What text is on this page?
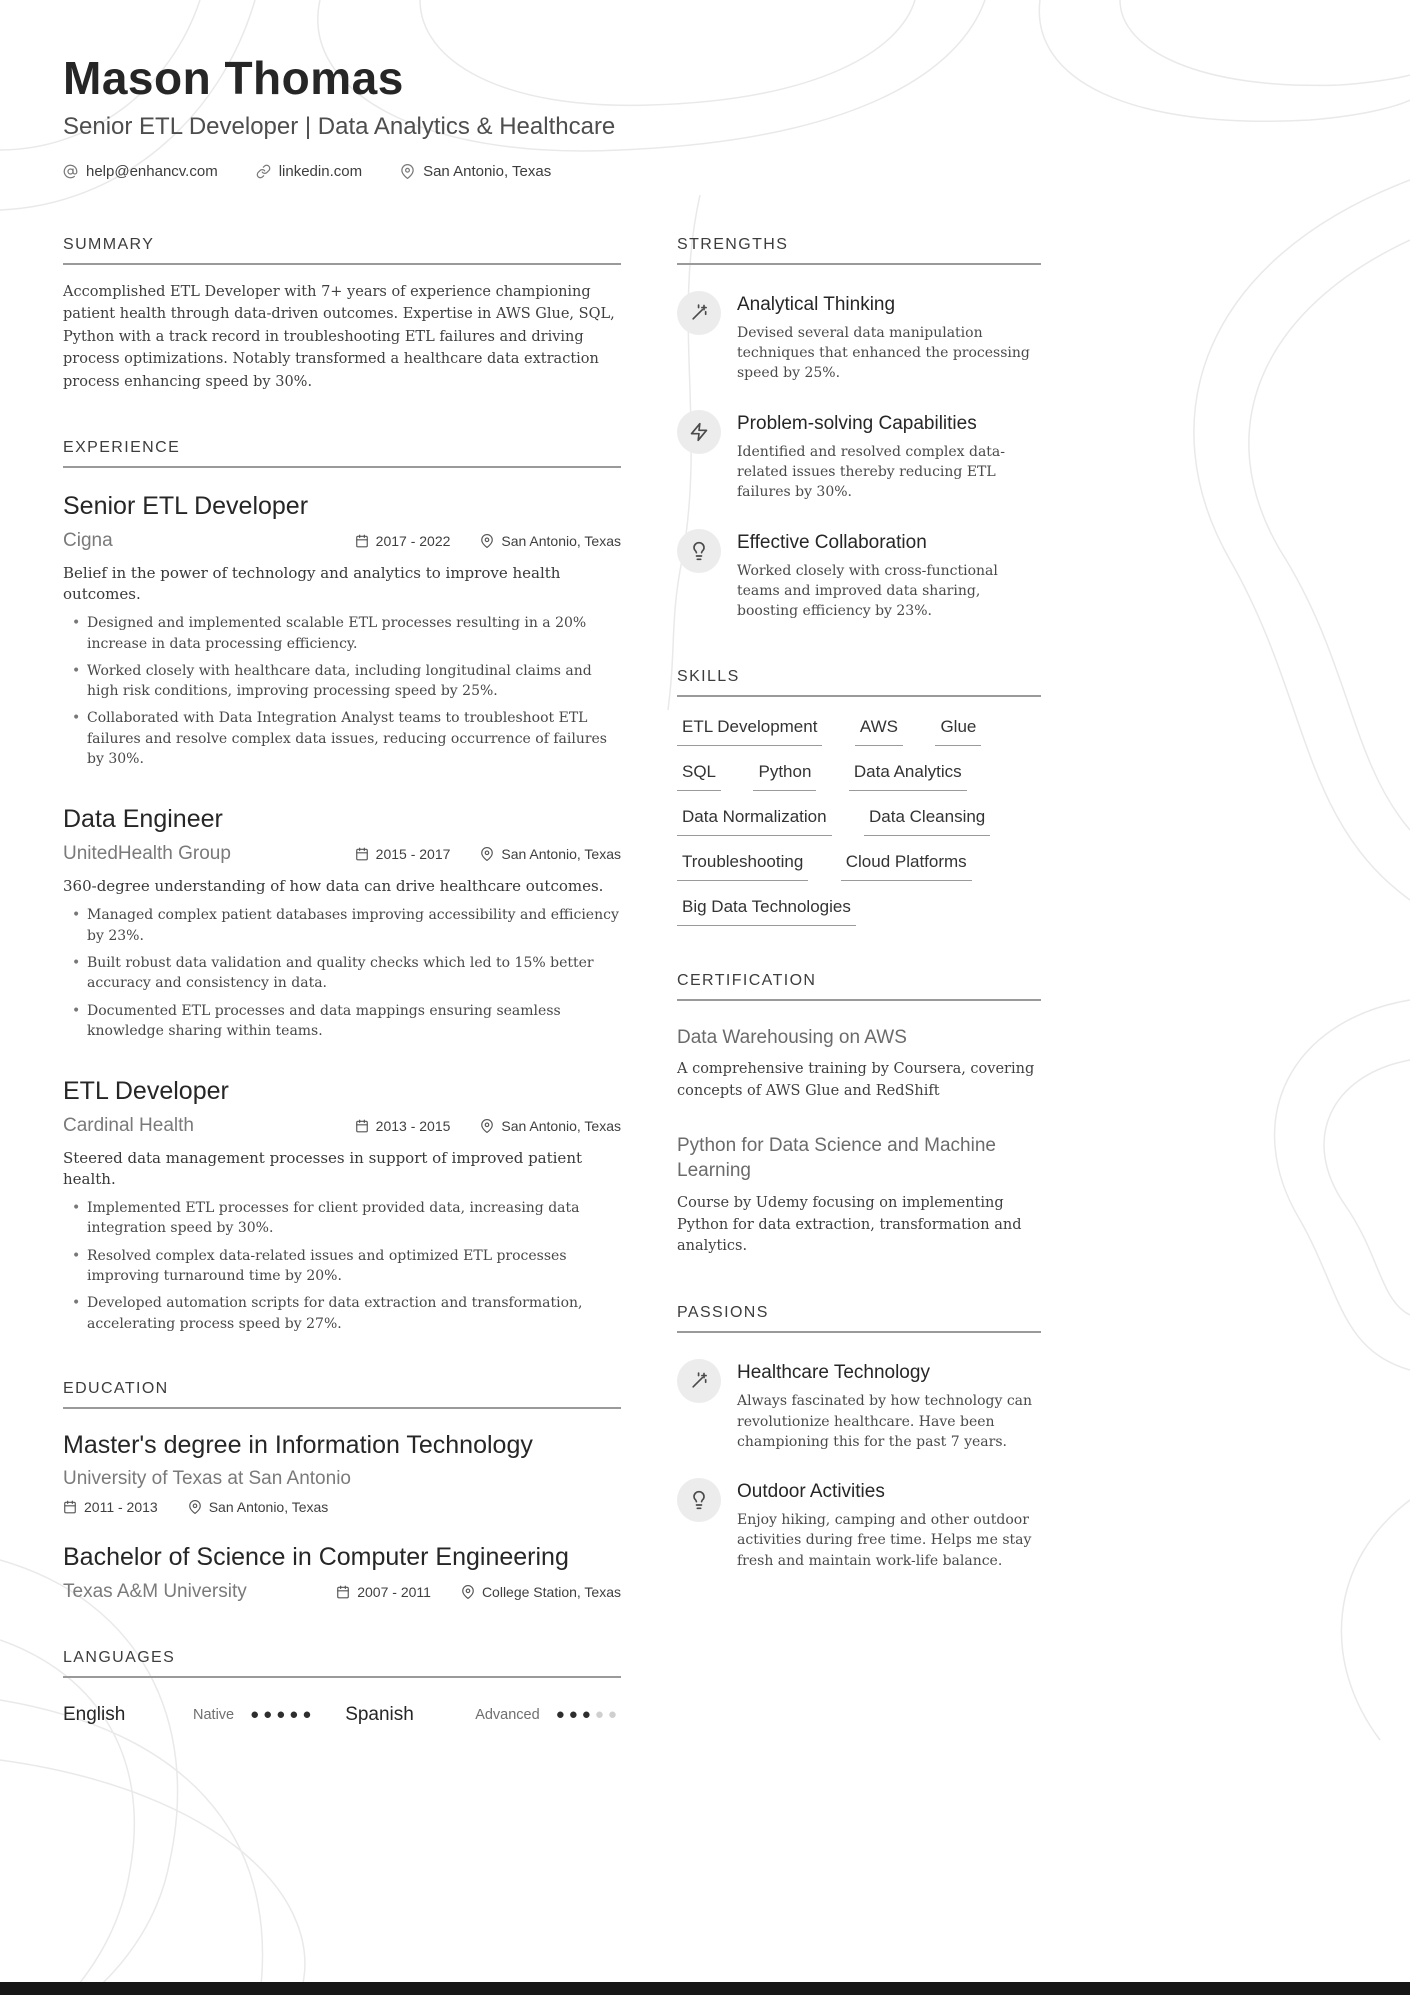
Mason Thomas
Senior ETL Developer | Data Analytics & Healthcare
help@enhancv.com	linkedin.com	San Antonio, Texas
SUMMARY

Accomplished ETL Developer with 7+ years of experience championing patient health through data-driven outcomes. Expertise in AWS Glue, SQL, Python with a track record in troubleshooting ETL failures and driving process optimizations. Notably transformed a healthcare data extraction process enhancing speed by 30%.

EXPERIENCE
Senior ETL Developer
Cigna	2017 - 2022	San Antonio, Texas

Belief in the power of technology and analytics to improve health outcomes.

• Designed and implemented scalable ETL processes resulting in a 20% increase in data processing efficiency.
• Worked closely with healthcare data, including longitudinal claims and high risk conditions, improving processing speed by 25%.
• Collaborated with Data Integration Analyst teams to troubleshoot ETL failures and resolve complex data issues, reducing occurrence of failures by 30%.
Data Engineer
UnitedHealth Group	2015 - 2017	San Antonio, Texas

360-degree understanding of how data can drive healthcare outcomes.

• Managed complex patient databases improving accessibility and efficiency by 23%.
• Built robust data validation and quality checks which led to 15% better accuracy and consistency in data.
• Documented ETL processes and data mappings ensuring seamless knowledge sharing within teams.
ETL Developer
Cardinal Health	2013 - 2015	San Antonio, Texas

Steered data management processes in support of improved patient health.

• Implemented ETL processes for client provided data, increasing data integration speed by 30%.
• Resolved complex data-related issues and optimized ETL processes improving turnaround time by 20%.
• Developed automation scripts for data extraction and transformation, accelerating process speed by 27%.
EDUCATION
Master's degree in Information Technology
University of Texas at San Antonio
2011 - 2013	San Antonio, Texas
Bachelor of Science in Computer Engineering
Texas A&M University	2007 - 2011	College Station, Texas
LANGUAGES
English	Native ●●●●● Spanish	Advanced ●●●●●
STRENGTHS
Analytical Thinking

Devised several data manipulation techniques that enhanced the processing speed by 25%.

Problem-solving Capabilities

Identified and resolved complex data-related issues thereby reducing ETL failures by 30%.

Effective Collaboration

Worked closely with cross-functional teams and improved data sharing, boosting efficiency by 23%.

SKILLS
ETL Development AWS Glue SQL Python Data Analytics Data Normalization Data Cleansing Troubleshooting Cloud Platforms Big Data Technologies
CERTIFICATION
Data Warehousing on AWS

A comprehensive training by Coursera, covering concepts of AWS Glue and RedShift

Python for Data Science and Machine Learning

Course by Udemy focusing on implementing Python for data extraction, transformation and analytics.

PASSIONS
Healthcare Technology

Always fascinated by how technology can revolutionize healthcare. Have been championing this for the past 7 years.

Outdoor Activities

Enjoy hiking, camping and other outdoor activities during free time. Helps me stay fresh and maintain work-life balance.
